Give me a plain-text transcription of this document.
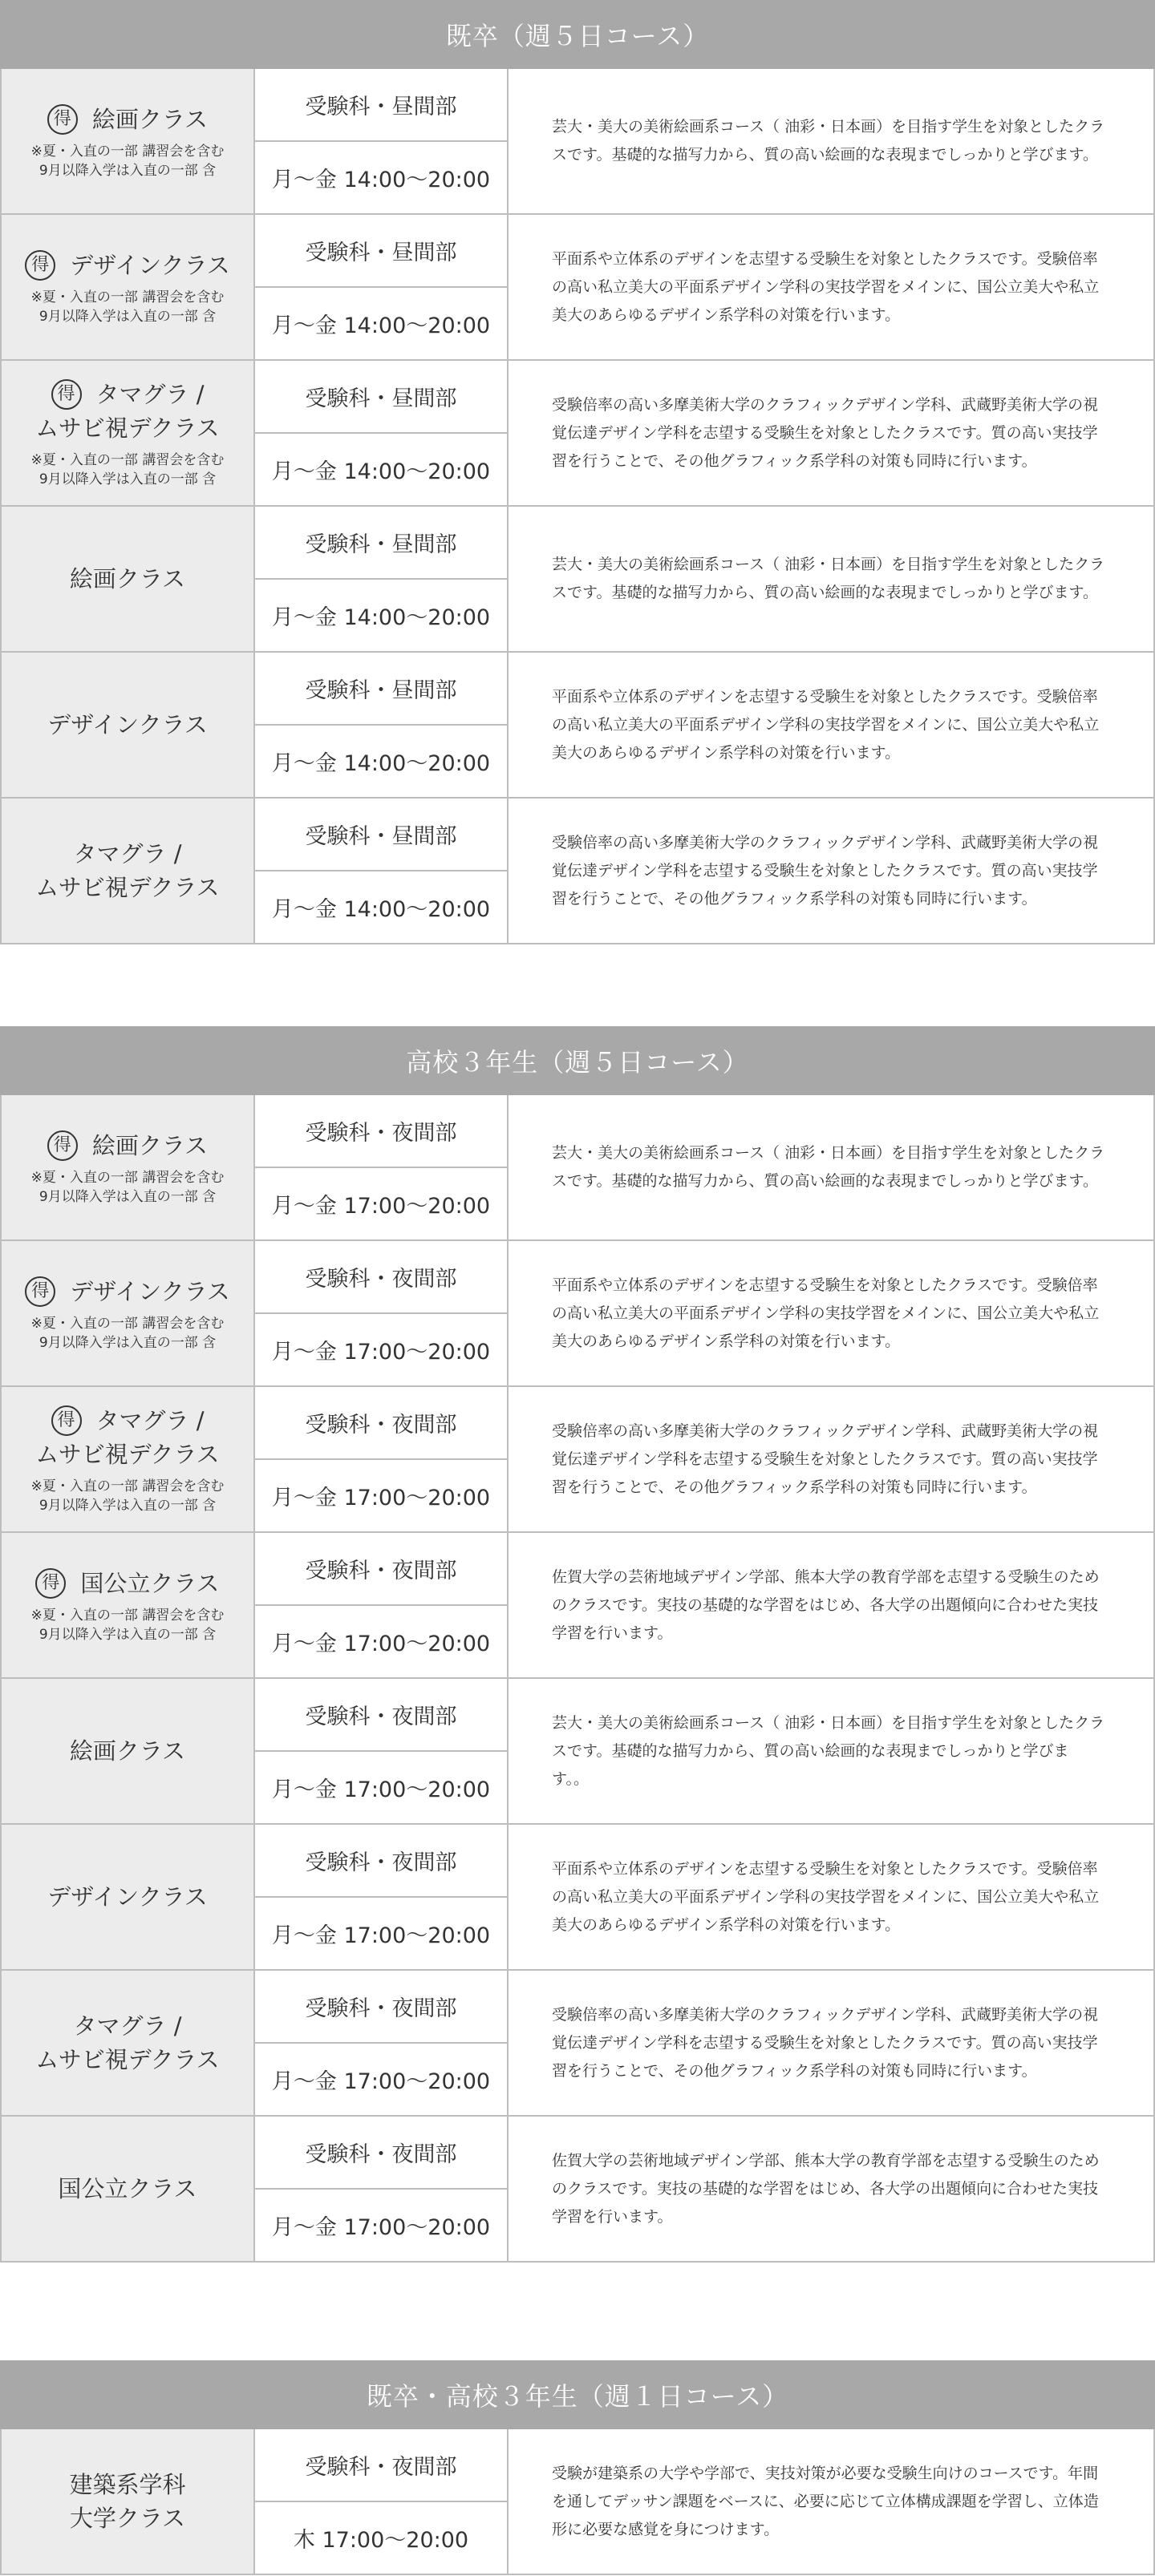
既卒（週５日コース）
得 絵画クラス
※夏・入直の一部 講習会を含む
9月以降入学は入直の一部 含
受験科・昼間部
月〜金 14:00〜20:00
芸大・美大の美術絵画系コース（ 油彩・日本画）を目指す学生を対象としたクラスです。基礎的な描写力から、質の高い絵画的な表現までしっかりと学びます。
得 デザインクラス
※夏・入直の一部 講習会を含む
9月以降入学は入直の一部 含
受験科・昼間部
月〜金 14:00〜20:00
平面系や立体系のデザインを志望する受験生を対象としたクラスです。受験倍率の高い私立美大の平面系デザイン学科の実技学習をメインに、国公立美大や私立美大のあらゆるデザイン系学科の対策を行います。
得 タマグラ /
ムサビ視デクラス
※夏・入直の一部 講習会を含む
9月以降入学は入直の一部 含
受験科・昼間部
月〜金 14:00〜20:00
受験倍率の高い多摩美術大学のクラフィックデザイン学科、武蔵野美術大学の視覚伝達デザイン学科を志望する受験生を対象としたクラスです。質の高い実技学習を行うことで、その他グラフィック系学科の対策も同時に行います。
絵画クラス
受験科・昼間部
月〜金 14:00〜20:00
芸大・美大の美術絵画系コース（ 油彩・日本画）を目指す学生を対象としたクラスです。基礎的な描写力から、質の高い絵画的な表現までしっかりと学びます。
デザインクラス
受験科・昼間部
月〜金 14:00〜20:00
平面系や立体系のデザインを志望する受験生を対象としたクラスです。受験倍率の高い私立美大の平面系デザイン学科の実技学習をメインに、国公立美大や私立美大のあらゆるデザイン系学科の対策を行います。
タマグラ /
ムサビ視デクラス
受験科・昼間部
月〜金 14:00〜20:00
受験倍率の高い多摩美術大学のクラフィックデザイン学科、武蔵野美術大学の視覚伝達デザイン学科を志望する受験生を対象としたクラスです。質の高い実技学習を行うことで、その他グラフィック系学科の対策も同時に行います。
高校３年生（週５日コース）
得 絵画クラス
※夏・入直の一部 講習会を含む
9月以降入学は入直の一部 含
受験科・夜間部
月〜金 17:00〜20:00
芸大・美大の美術絵画系コース（ 油彩・日本画）を目指す学生を対象としたクラスです。基礎的な描写力から、質の高い絵画的な表現までしっかりと学びます。
得 デザインクラス
※夏・入直の一部 講習会を含む
9月以降入学は入直の一部 含
受験科・夜間部
月〜金 17:00〜20:00
平面系や立体系のデザインを志望する受験生を対象としたクラスです。受験倍率の高い私立美大の平面系デザイン学科の実技学習をメインに、国公立美大や私立美大のあらゆるデザイン系学科の対策を行います。
得 タマグラ /
ムサビ視デクラス
※夏・入直の一部 講習会を含む
9月以降入学は入直の一部 含
受験科・夜間部
月〜金 17:00〜20:00
受験倍率の高い多摩美術大学のクラフィックデザイン学科、武蔵野美術大学の視覚伝達デザイン学科を志望する受験生を対象としたクラスです。質の高い実技学習を行うことで、その他グラフィック系学科の対策も同時に行います。
得 国公立クラス
※夏・入直の一部 講習会を含む
9月以降入学は入直の一部 含
受験科・夜間部
月〜金 17:00〜20:00
佐賀大学の芸術地域デザイン学部、熊本大学の教育学部を志望する受験生のためのクラスです。実技の基礎的な学習をはじめ、各大学の出題傾向に合わせた実技学習を行います。
絵画クラス
受験科・夜間部
月〜金 17:00〜20:00
芸大・美大の美術絵画系コース（ 油彩・日本画）を目指す学生を対象としたクラスです。基礎的な描写力から、質の高い絵画的な表現までしっかりと学びます。。
デザインクラス
受験科・夜間部
月〜金 17:00〜20:00
平面系や立体系のデザインを志望する受験生を対象としたクラスです。受験倍率の高い私立美大の平面系デザイン学科の実技学習をメインに、国公立美大や私立美大のあらゆるデザイン系学科の対策を行います。
タマグラ /
ムサビ視デクラス
受験科・夜間部
月〜金 17:00〜20:00
受験倍率の高い多摩美術大学のクラフィックデザイン学科、武蔵野美術大学の視覚伝達デザイン学科を志望する受験生を対象としたクラスです。質の高い実技学習を行うことで、その他グラフィック系学科の対策も同時に行います。
国公立クラス
受験科・夜間部
月〜金 17:00〜20:00
佐賀大学の芸術地域デザイン学部、熊本大学の教育学部を志望する受験生のためのクラスです。実技の基礎的な学習をはじめ、各大学の出題傾向に合わせた実技学習を行います。
既卒・高校３年生（週１日コース）
建築系学科
大学クラス
受験科・夜間部
木 17:00〜20:00
受験が建築系の大学や学部で、実技対策が必要な受験生向けのコースです。年間を通してデッサン課題をベースに、必要に応じて立体構成課題を学習し、立体造形に必要な感覚を身につけます。
